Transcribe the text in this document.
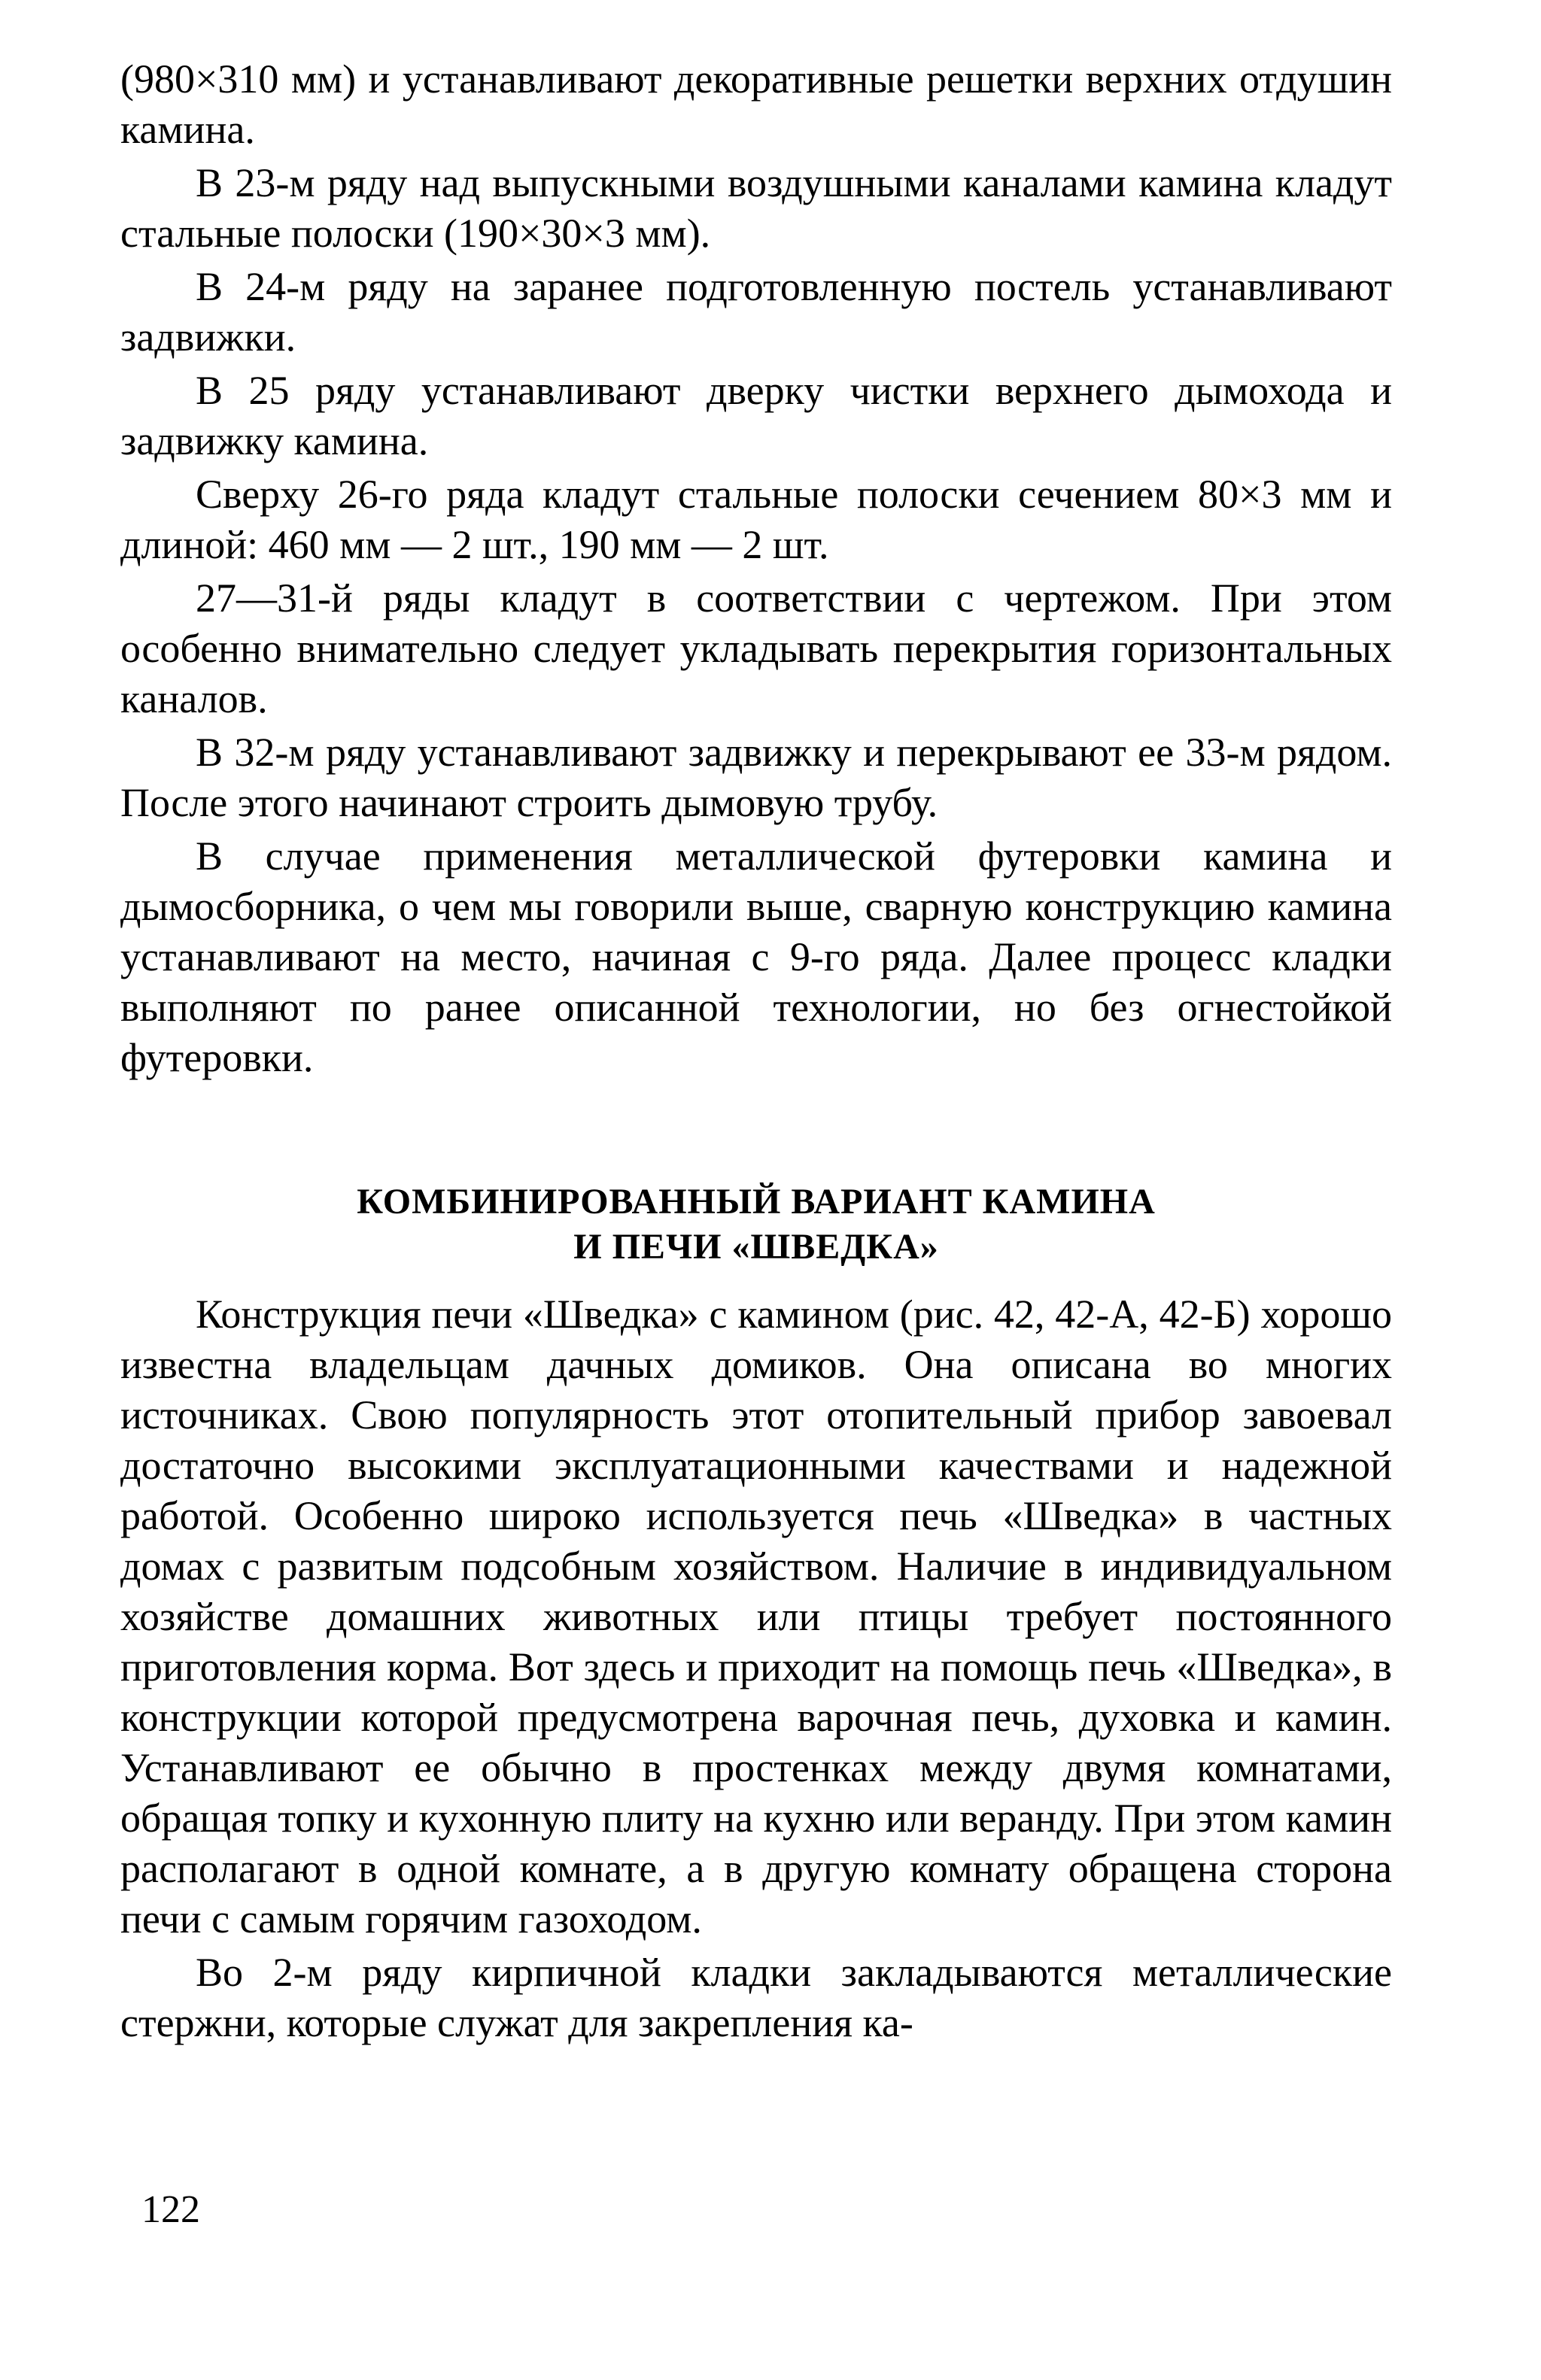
(980×310 мм) и устанавливают декоративные решетки верхних отдушин камина.

В 23-м ряду над выпускными воздушными каналами камина кладут стальные полоски (190×30×3 мм).

В 24-м ряду на заранее подготовленную постель устанавливают задвижки.

В 25 ряду устанавливают дверку чистки верхнего дымохода и задвижку камина.

Сверху 26-го ряда кладут стальные полоски сечением 80×3 мм и длиной: 460 мм — 2 шт., 190 мм — 2 шт.

27—31-й ряды кладут в соответствии с чертежом. При этом особенно внимательно следует укладывать перекрытия горизонтальных каналов.

В 32-м ряду устанавливают задвижку и перекрывают ее 33-м рядом. После этого начинают строить дымовую трубу.

В случае применения металлической футеровки камина и дымосборника, о чем мы говорили выше, сварную конструкцию камина устанавливают на место, начиная с 9-го ряда. Далее процесс кладки выполняют по ранее описанной технологии, но без огнестойкой футеровки.

КОМБИНИРОВАННЫЙ ВАРИАНТ КАМИНА
И ПЕЧИ «ШВЕДКА»

Конструкция печи «Шведка» с камином (рис. 42, 42-А, 42-Б) хорошо известна владельцам дачных домиков. Она описана во многих источниках. Свою популярность этот отопительный прибор завоевал достаточно высокими эксплуатационными качествами и надежной работой. Особенно широко используется печь «Шведка» в частных домах с развитым подсобным хозяйством. Наличие в индивидуальном хозяйстве домашних животных или птицы требует постоянного приготовления корма. Вот здесь и приходит на помощь печь «Шведка», в конструкции которой предусмотрена варочная печь, духовка и камин. Устанавливают ее обычно в простенках между двумя комнатами, обращая топку и кухонную плиту на кухню или веранду. При этом камин располагают в одной комнате, а в другую комнату обращена сторона печи с самым горячим газоходом.

Во 2-м ряду кирпичной кладки закладываются металлические стержни, которые служат для закрепления ка-

122
